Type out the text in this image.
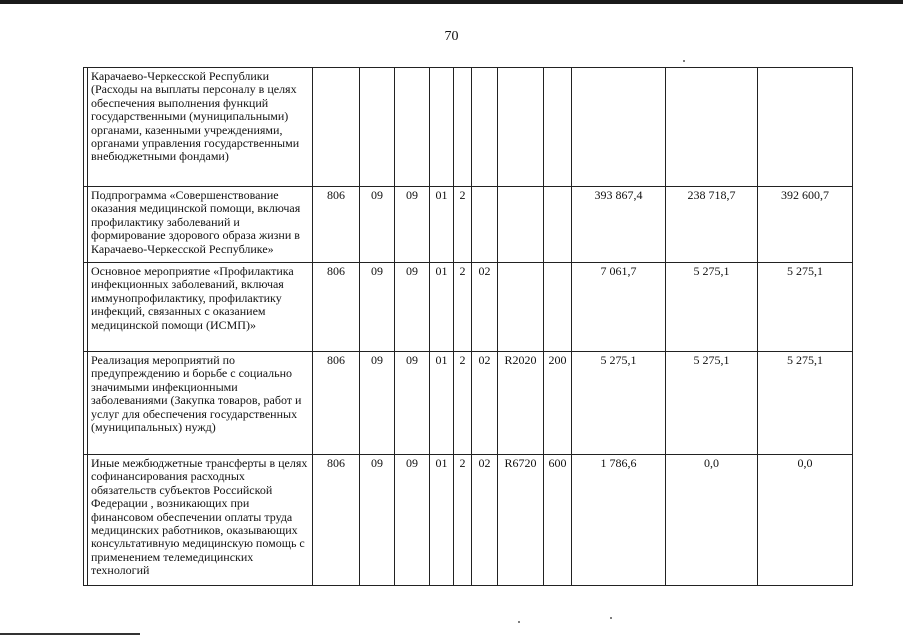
70
	Карачаево-Черкесской Республики (Расходы на выплаты персоналу в целях обеспечения выполнения функций государственными (муниципальными) органами, казенными учреждениями, органами управления государственными внебюджетными фондами)											
	Подпрограмма «Совершенствование оказания медицинской помощи, включая профилактику заболеваний и формирование здорового образа жизни в Карачаево-Черкесской Республике»	806	09	09	01	2				393 867,4	238 718,7	392 600,7
	Основное мероприятие «Профилактика инфекционных заболеваний, включая иммунопрофилактику, профилактику инфекций, связанных с оказанием медицинской помощи (ИСМП)»	806	09	09	01	2	02			7 061,7	5 275,1	5 275,1
	Реализация мероприятий по предупреждению и борьбе с социально значимыми инфекционными заболеваниями (Закупка товаров, работ и услуг для обеспечения государственных (муниципальных) нужд)	806	09	09	01	2	02	R2020	200	5 275,1	5 275,1	5 275,1
	Иные межбюджетные трансферты в целях софинансирования расходных обязательств субъектов Российской Федерации , возникающих при финансовом обеспечении оплаты труда медицинских работников, оказывающих консультативную медицинскую помощь с применением телемедицинских технологий	806	09	09	01	2	02	R6720	600	1 786,6	0,0	0,0
